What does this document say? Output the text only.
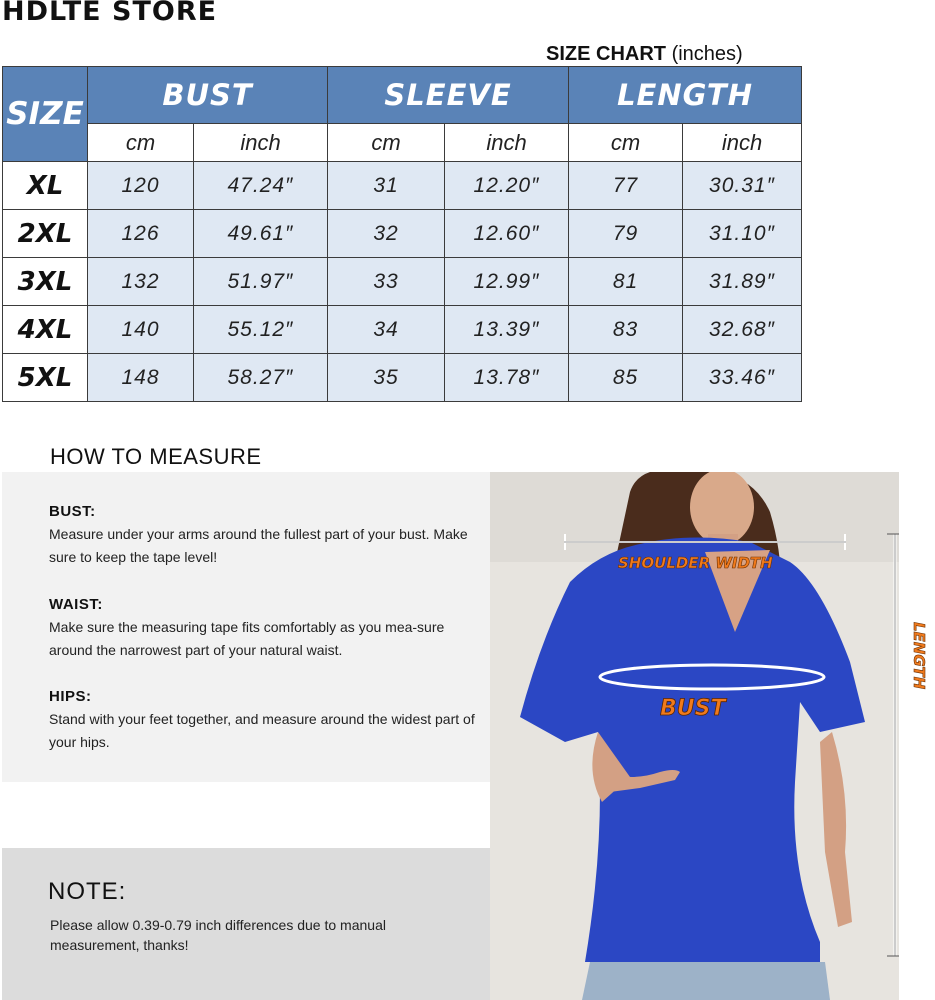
HDLTE STORE
SIZE CHART (inches)
SIZE	BUST		SLEEVE		LENGTH	
	cm	inch	cm	inch	cm	inch
XL	120	47.24″	31	12.20″	77	30.31″
2XL	126	49.61″	32	12.60″	79	31.10″
3XL	132	51.97″	33	12.99″	81	31.89″
4XL	140	55.12″	34	13.39″	83	32.68″
5XL	148	58.27″	35	13.78″	85	33.46″
HOW TO MEASURE
BUST:
Measure under your arms around the fullest part of your bust. Make sure to keep the tape level!
WAIST:
Make sure the measuring tape fits comfortably as you mea-sure around the narrowest part of your natural waist.
HIPS:
Stand with your feet together, and measure around the widest part of your hips.
NOTE:
Please allow 0.39-0.79 inch differences due to manual measurement, thanks!
SHOULDER WIDTH
BUST
LENGTH
